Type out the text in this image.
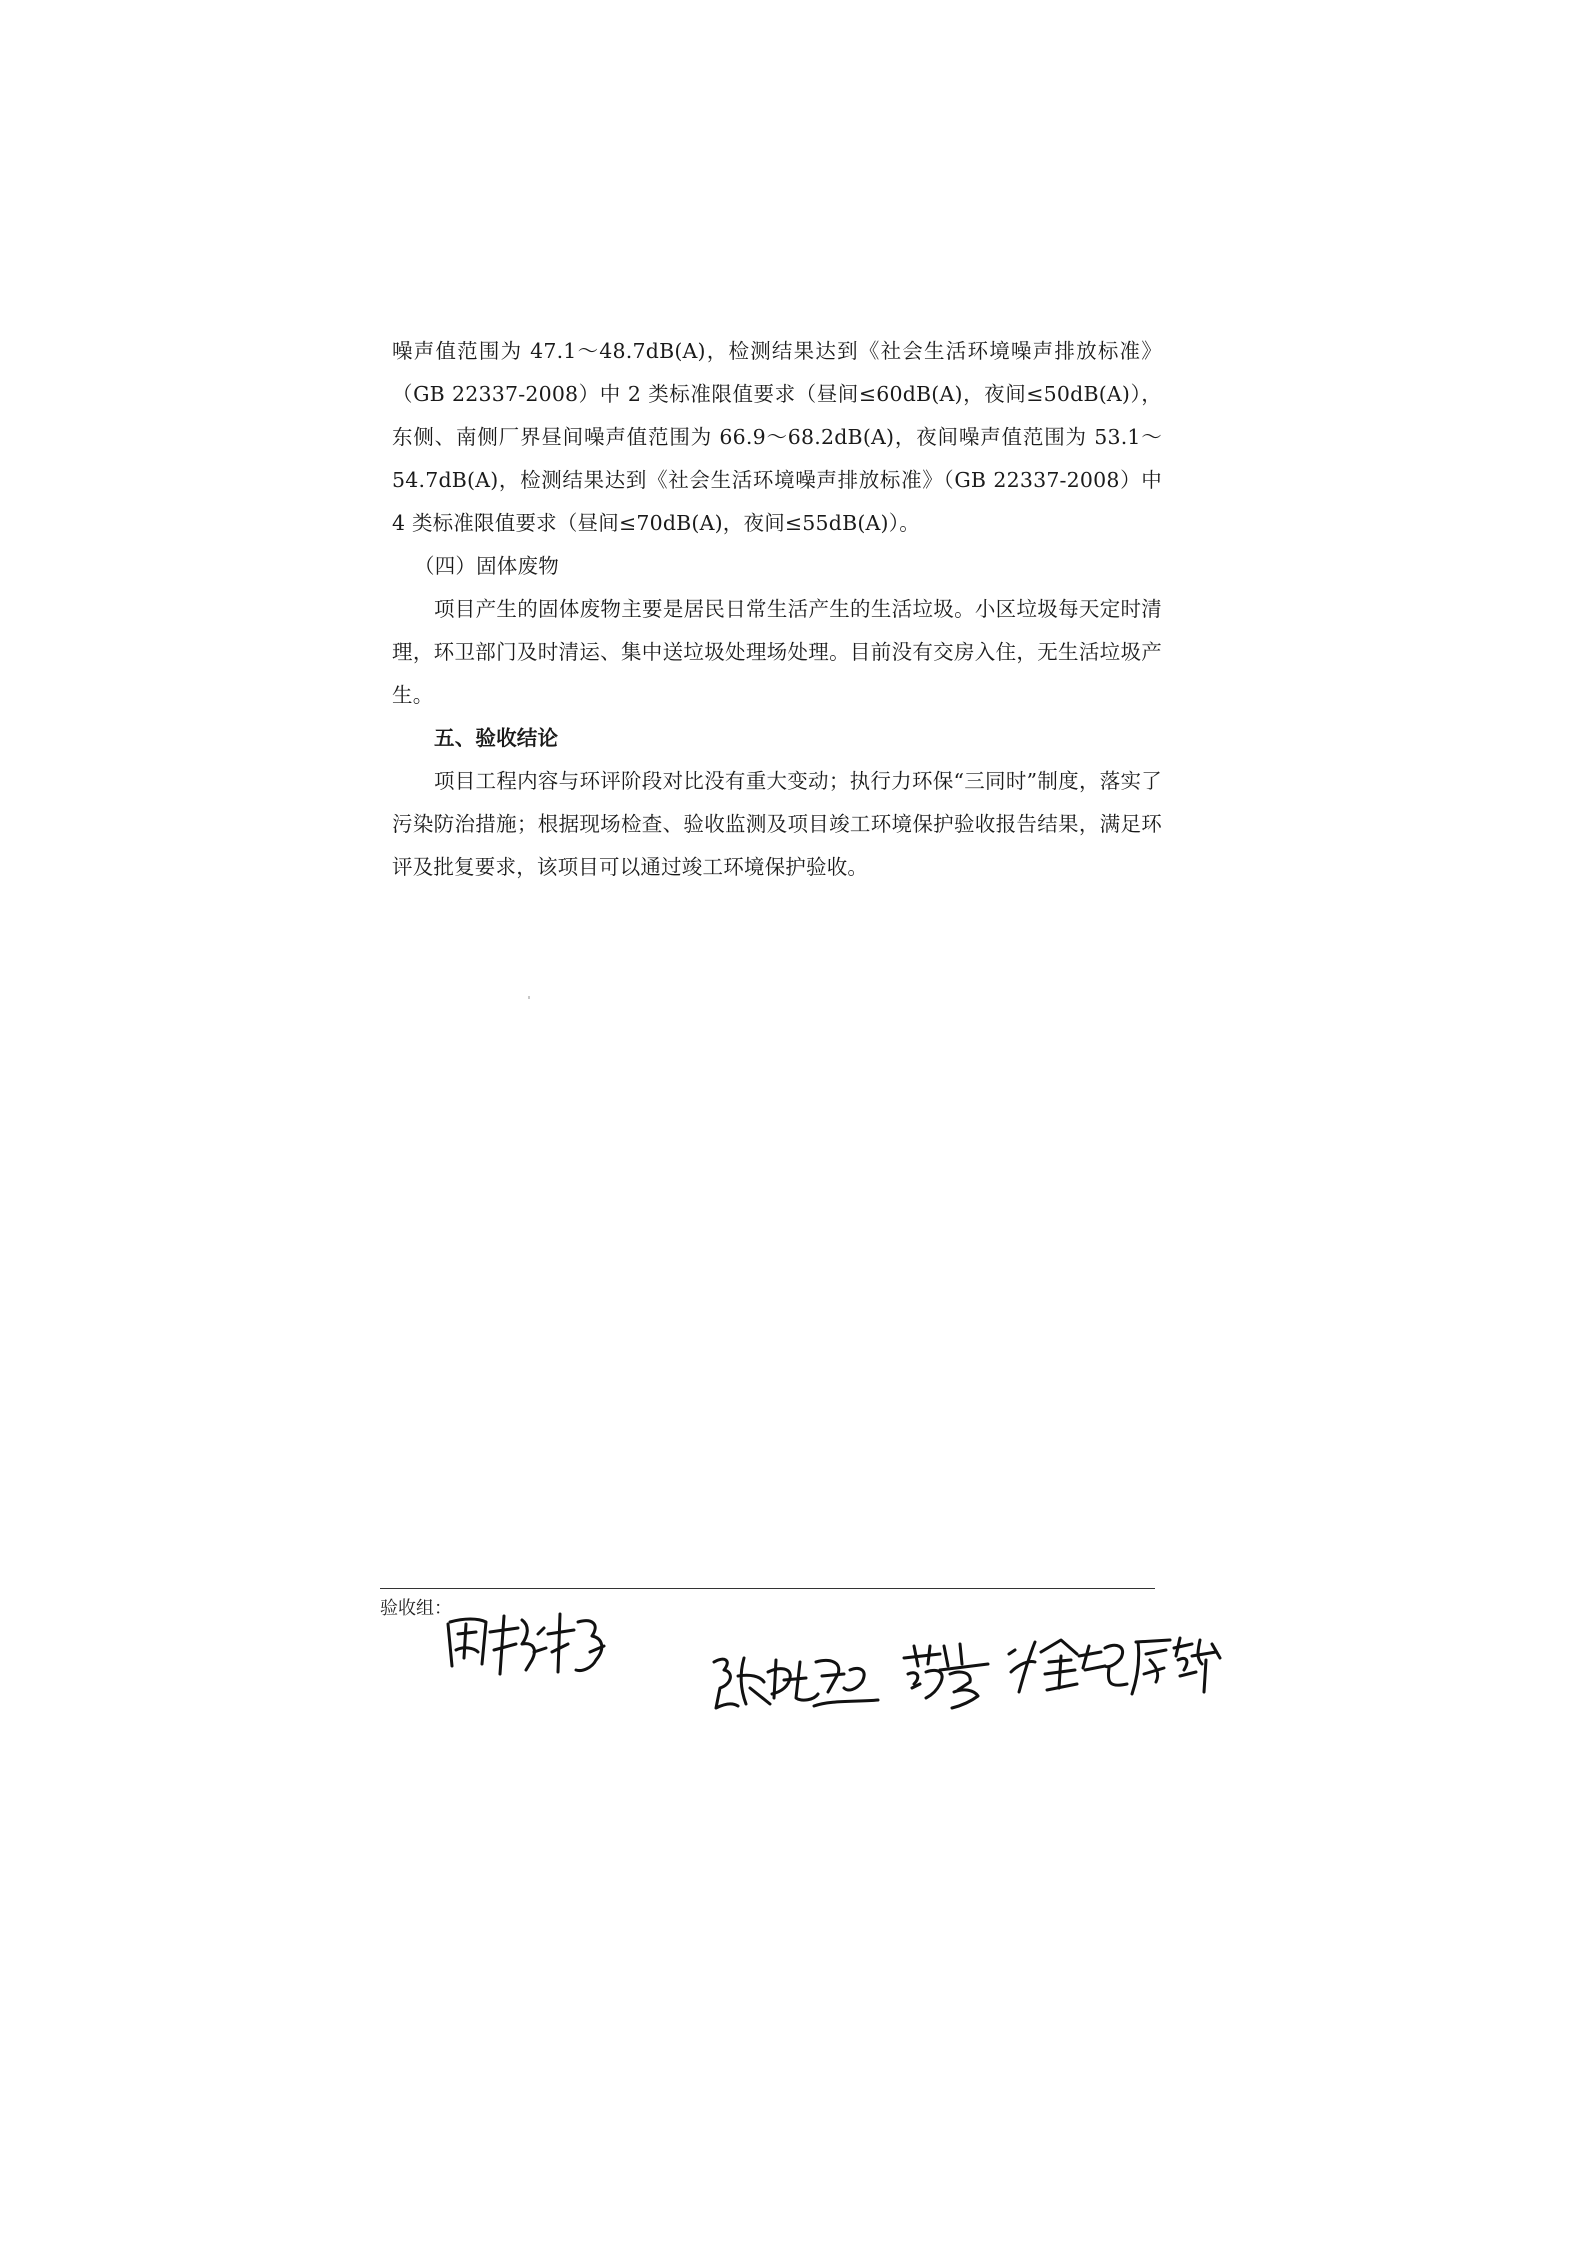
噪声值范围为 47.1～48.7dB(A)，检测结果达到《社会生活环境噪声排放标准》（GB 22337-2008）中 2 类标准限值要求（昼间≤60dB(A)，夜间≤50dB(A)），东侧、南侧厂界昼间噪声值范围为 66.9～68.2dB(A)，夜间噪声值范围为 53.1～54.7dB(A)，检测结果达到《社会生活环境噪声排放标准》（GB 22337-2008）中 4 类标准限值要求（昼间≤70dB(A)，夜间≤55dB(A)）。

（四）固体废物

项目产生的固体废物主要是居民日常生活产生的生活垃圾。小区垃圾每天定时清理，环卫部门及时清运、集中送垃圾处理场处理。目前没有交房入住，无生活垃圾产生。

五、验收结论

项目工程内容与环评阶段对比没有重大变动；执行力环保“三同时”制度，落实了污染防治措施；根据现场检查、验收监测及项目竣工环境保护验收报告结果，满足环评及批复要求，该项目可以通过竣工环境保护验收。

验收组：
